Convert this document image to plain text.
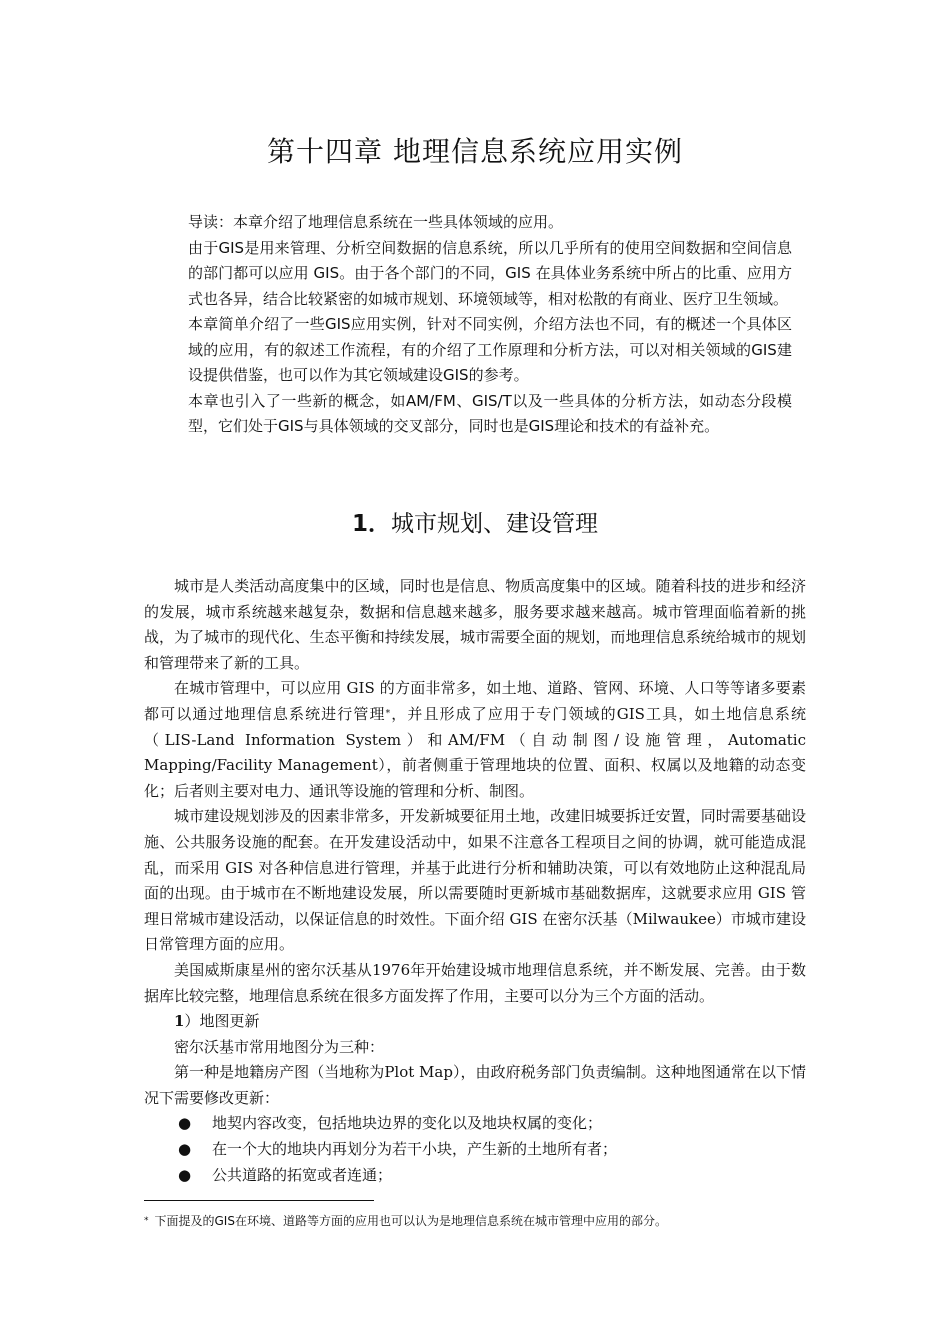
第十四章 地理信息系统应用实例

导读：本章介绍了地理信息系统在一些具体领域的应用。

由于GIS是用来管理、分析空间数据的信息系统，所以几乎所有的使用空间数据和空间信息的部门都可以应用 GIS。由于各个部门的不同，GIS 在具体业务系统中所占的比重、应用方式也各异，结合比较紧密的如城市规划、环境领域等，相对松散的有商业、医疗卫生领域。

本章简单介绍了一些GIS应用实例，针对不同实例，介绍方法也不同，有的概述一个具体区域的应用，有的叙述工作流程，有的介绍了工作原理和分析方法，可以对相关领域的GIS建设提供借鉴，也可以作为其它领域建设GIS的参考。

本章也引入了一些新的概念，如AM/FM、GIS/T以及一些具体的分析方法，如动态分段模型，它们处于GIS与具体领域的交叉部分，同时也是GIS理论和技术的有益补充。

1．城市规划、建设管理

城市是人类活动高度集中的区域，同时也是信息、物质高度集中的区域。随着科技的进步和经济的发展，城市系统越来越复杂，数据和信息越来越多，服务要求越来越高。城市管理面临着新的挑战，为了城市的现代化、生态平衡和持续发展，城市需要全面的规划，而地理信息系统给城市的规划和管理带来了新的工具。

在城市管理中，可以应用 GIS 的方面非常多，如土地、道路、管网、环境、人口等等诸多要素都可以通过地理信息系统进行管理*，并且形成了应用于专门领域的GIS工具，如土地信息系统（LIS-Land Information System）和AM/FM（自动制图/设施管理，Automatic Mapping/Facility Management），前者侧重于管理地块的位置、面积、权属以及地籍的动态变化；后者则主要对电力、通讯等设施的管理和分析、制图。

城市建设规划涉及的因素非常多，开发新城要征用土地，改建旧城要拆迁安置，同时需要基础设施、公共服务设施的配套。在开发建设活动中，如果不注意各工程项目之间的协调，就可能造成混乱，而采用 GIS 对各种信息进行管理，并基于此进行分析和辅助决策，可以有效地防止这种混乱局面的出现。由于城市在不断地建设发展，所以需要随时更新城市基础数据库，这就要求应用 GIS 管理日常城市建设活动，以保证信息的时效性。下面介绍 GIS 在密尔沃基（Milwaukee）市城市建设日常管理方面的应用。

美国威斯康星州的密尔沃基从1976年开始建设城市地理信息系统，并不断发展、完善。由于数据库比较完整，地理信息系统在很多方面发挥了作用，主要可以分为三个方面的活动。

1）地图更新

密尔沃基市常用地图分为三种：

第一种是地籍房产图（当地称为Plot Map），由政府税务部门负责编制。这种地图通常在以下情况下需要修改更新：

● 地契内容改变，包括地块边界的变化以及地块权属的变化；
● 在一个大的地块内再划分为若干小块，产生新的土地所有者；
● 公共道路的拓宽或者连通；
* 下面提及的GIS在环境、道路等方面的应用也可以认为是地理信息系统在城市管理中应用的部分。
